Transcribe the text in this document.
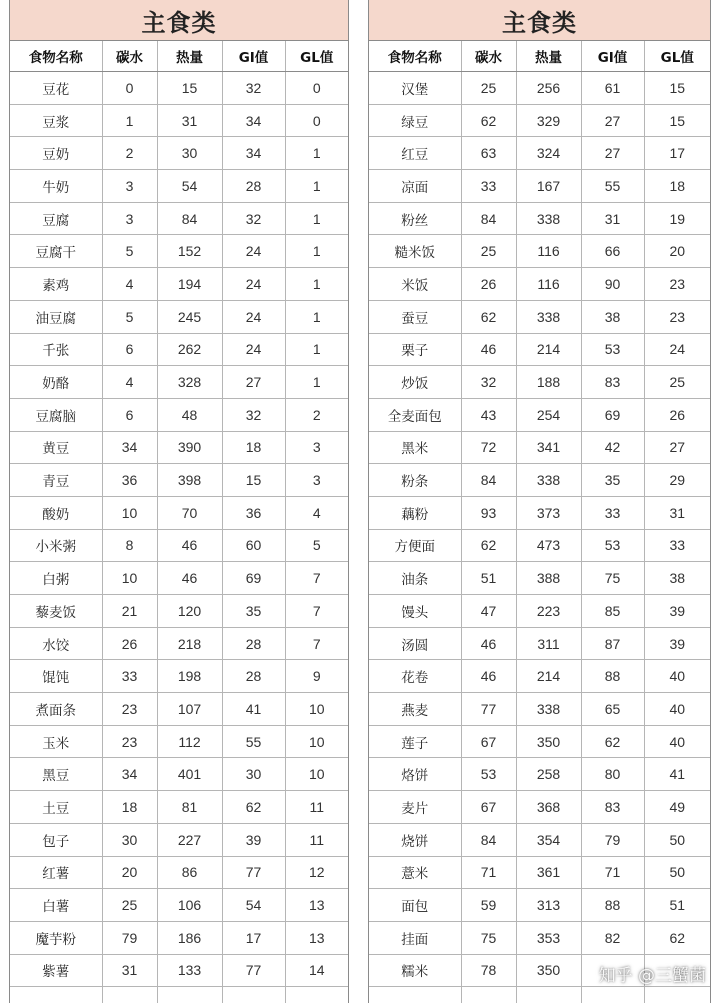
主食类
食物名称	碳水	热量	GI值	GL值
豆花	0	15	32	0
豆浆	1	31	34	0
豆奶	2	30	34	1
牛奶	3	54	28	1
豆腐	3	84	32	1
豆腐干	5	152	24	1
素鸡	4	194	24	1
油豆腐	5	245	24	1
千张	6	262	24	1
奶酪	4	328	27	1
豆腐脑	6	48	32	2
黄豆	34	390	18	3
青豆	36	398	15	3
酸奶	10	70	36	4
小米粥	8	46	60	5
白粥	10	46	69	7
藜麦饭	21	120	35	7
水饺	26	218	28	7
馄饨	33	198	28	9
煮面条	23	107	41	10
玉米	23	112	55	10
黑豆	34	401	30	10
土豆	18	81	62	11
包子	30	227	39	11
红薯	20	86	77	12
白薯	25	106	54	13
魔芋粉	79	186	17	13
紫薯	31	133	77	14

主食类
食物名称	碳水	热量	GI值	GL值
汉堡	25	256	61	15
绿豆	62	329	27	15
红豆	63	324	27	17
凉面	33	167	55	18
粉丝	84	338	31	19
糙米饭	25	116	66	20
米饭	26	116	90	23
蚕豆	62	338	38	23
栗子	46	214	53	24
炒饭	32	188	83	25
全麦面包	43	254	69	26
黑米	72	341	42	27
粉条	84	338	35	29
藕粉	93	373	33	31
方便面	62	473	53	33
油条	51	388	75	38
馒头	47	223	85	39
汤圆	46	311	87	39
花卷	46	214	88	40
燕麦	77	338	65	40
莲子	67	350	62	40
烙饼	53	258	80	41
麦片	67	368	83	49
烧饼	84	354	79	50
薏米	71	361	71	50
面包	59	313	88	51
挂面	75	353	82	62
糯米	78	350		
				知乎 @三蟹菌
